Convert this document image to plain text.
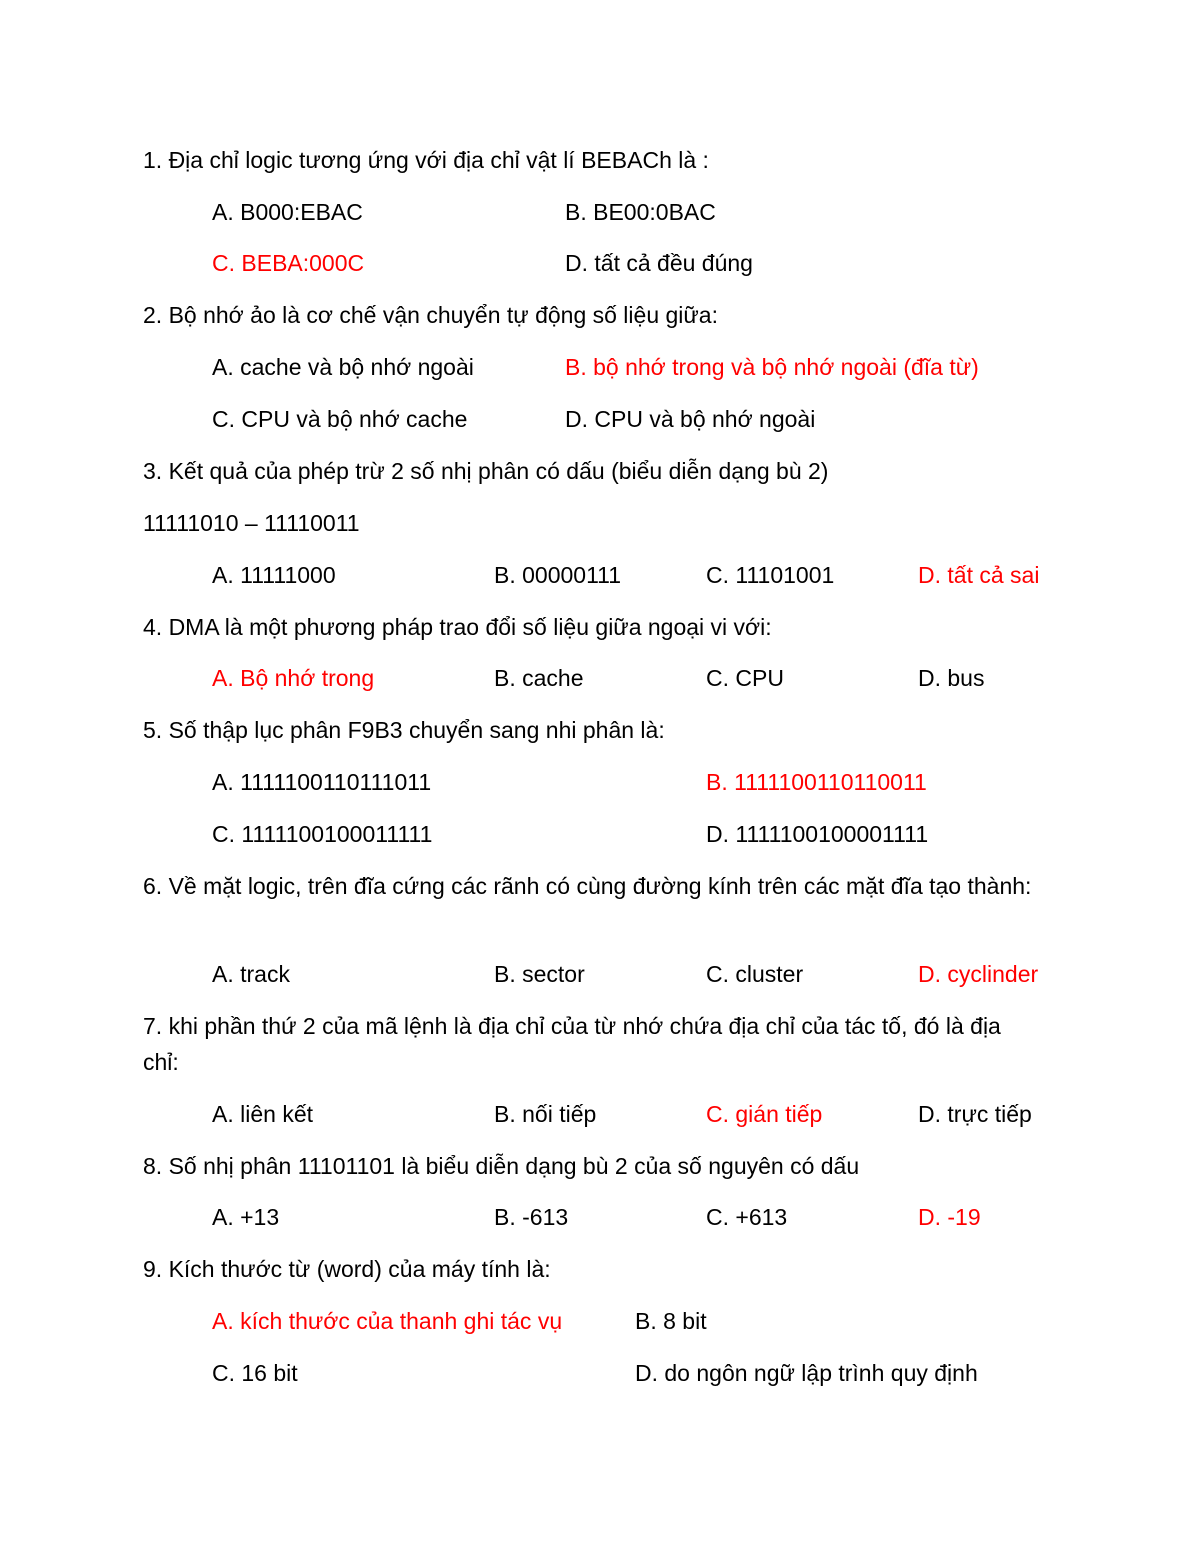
1. Địa chỉ logic tương ứng với địa chỉ vật lí BEBACh là :
A. B000:EBAC	B. BE00:0BAC
C. BEBA:000C	D. tất cả đều đúng
2. Bộ nhớ ảo là cơ chế vận chuyển tự động số liệu giữa:
A. cache và bộ nhớ ngoài	B. bộ nhớ trong và bộ nhớ ngoài (đĩa từ)
C. CPU và bộ nhớ cache	D. CPU và bộ nhớ ngoài
3. Kết quả của phép trừ 2 số nhị phân có dấu (biểu diễn dạng bù 2)
11111010 – 11110011
A. 11111000	B. 00000111	C. 11101001	D. tất cả sai
4. DMA là một phương pháp trao đổi số liệu giữa ngoại vi với:
A. Bộ nhớ trong	B. cache	C. CPU	D. bus
5. Số thập lục phân F9B3 chuyển sang nhi phân là:
A. 1111100110111011	B. 1111100110110011
C. 1111100100011111	D. 1111100100001111
6. Về mặt logic, trên đĩa cứng các rãnh có cùng đường kính trên các mặt đĩa tạo thành:
A. track	B. sector	C. cluster	D. cyclinder
7. khi phần thứ 2 của mã lệnh là địa chỉ của từ nhớ chứa địa chỉ của tác tố, đó là địa chỉ:
A. liên kết	B. nối tiếp	C. gián tiếp	D. trực tiếp
8. Số nhị phân 11101101 là biểu diễn dạng bù 2 của số nguyên có dấu
A. +13	B. -613	C. +613	D. -19
9. Kích thước từ (word) của máy tính là:
A. kích thước của thanh ghi tác vụ	B. 8 bit
C. 16 bit	D. do ngôn ngữ lập trình quy định
